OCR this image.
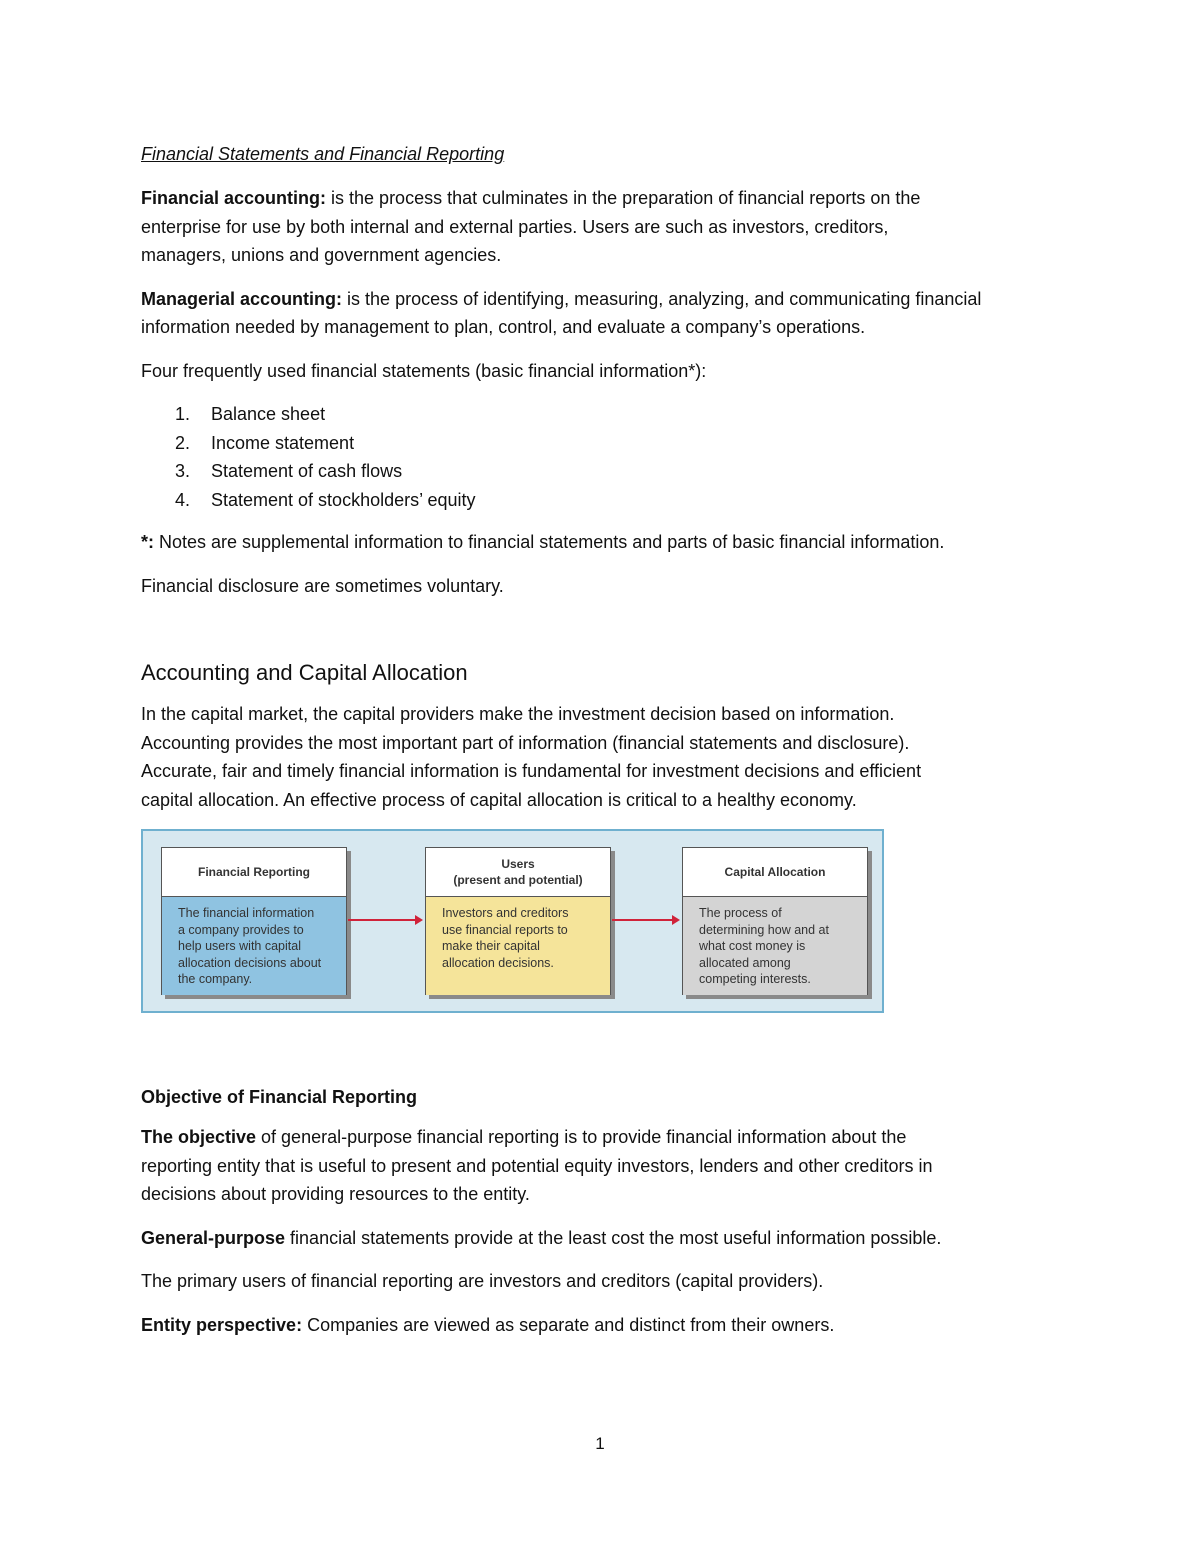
Financial Statements and Financial Reporting

Financial accounting: is the process that culminates in the preparation of financial reports on the

enterprise for use by both internal and external parties. Users are such as investors, creditors,

managers, unions and government agencies.

Managerial accounting: is the process of identifying, measuring, analyzing, and communicating financial

information needed by management to plan, control, and evaluate a company’s operations.

Four frequently used financial statements (basic financial information*):

1.	Balance sheet
2.	Income statement
3.	Statement of cash flows
4.	Statement of stockholders’ equity

*: Notes are supplemental information to financial statements and parts of basic financial information.

Financial disclosure are sometimes voluntary.

Accounting and Capital Allocation

In the capital market, the capital providers make the investment decision based on information.

Accounting provides the most important part of information (financial statements and disclosure).

Accurate, fair and timely financial information is fundamental for investment decisions and efficient

capital allocation. An effective process of capital allocation is critical to a healthy economy.

Financial Reporting
The financial information
a company provides to
help users with capital
allocation decisions about
the company.
Users
(present and potential)
Investors and creditors
use financial reports to
make their capital
allocation decisions.
Capital Allocation
The process of
determining how and at
what cost money is
allocated among
competing interests.

Objective of Financial Reporting

The objective of general-purpose financial reporting is to provide financial information about the

reporting entity that is useful to present and potential equity investors, lenders and other creditors in

decisions about providing resources to the entity.

General-purpose financial statements provide at the least cost the most useful information possible.

The primary users of financial reporting are investors and creditors (capital providers).

Entity perspective: Companies are viewed as separate and distinct from their owners.

1
